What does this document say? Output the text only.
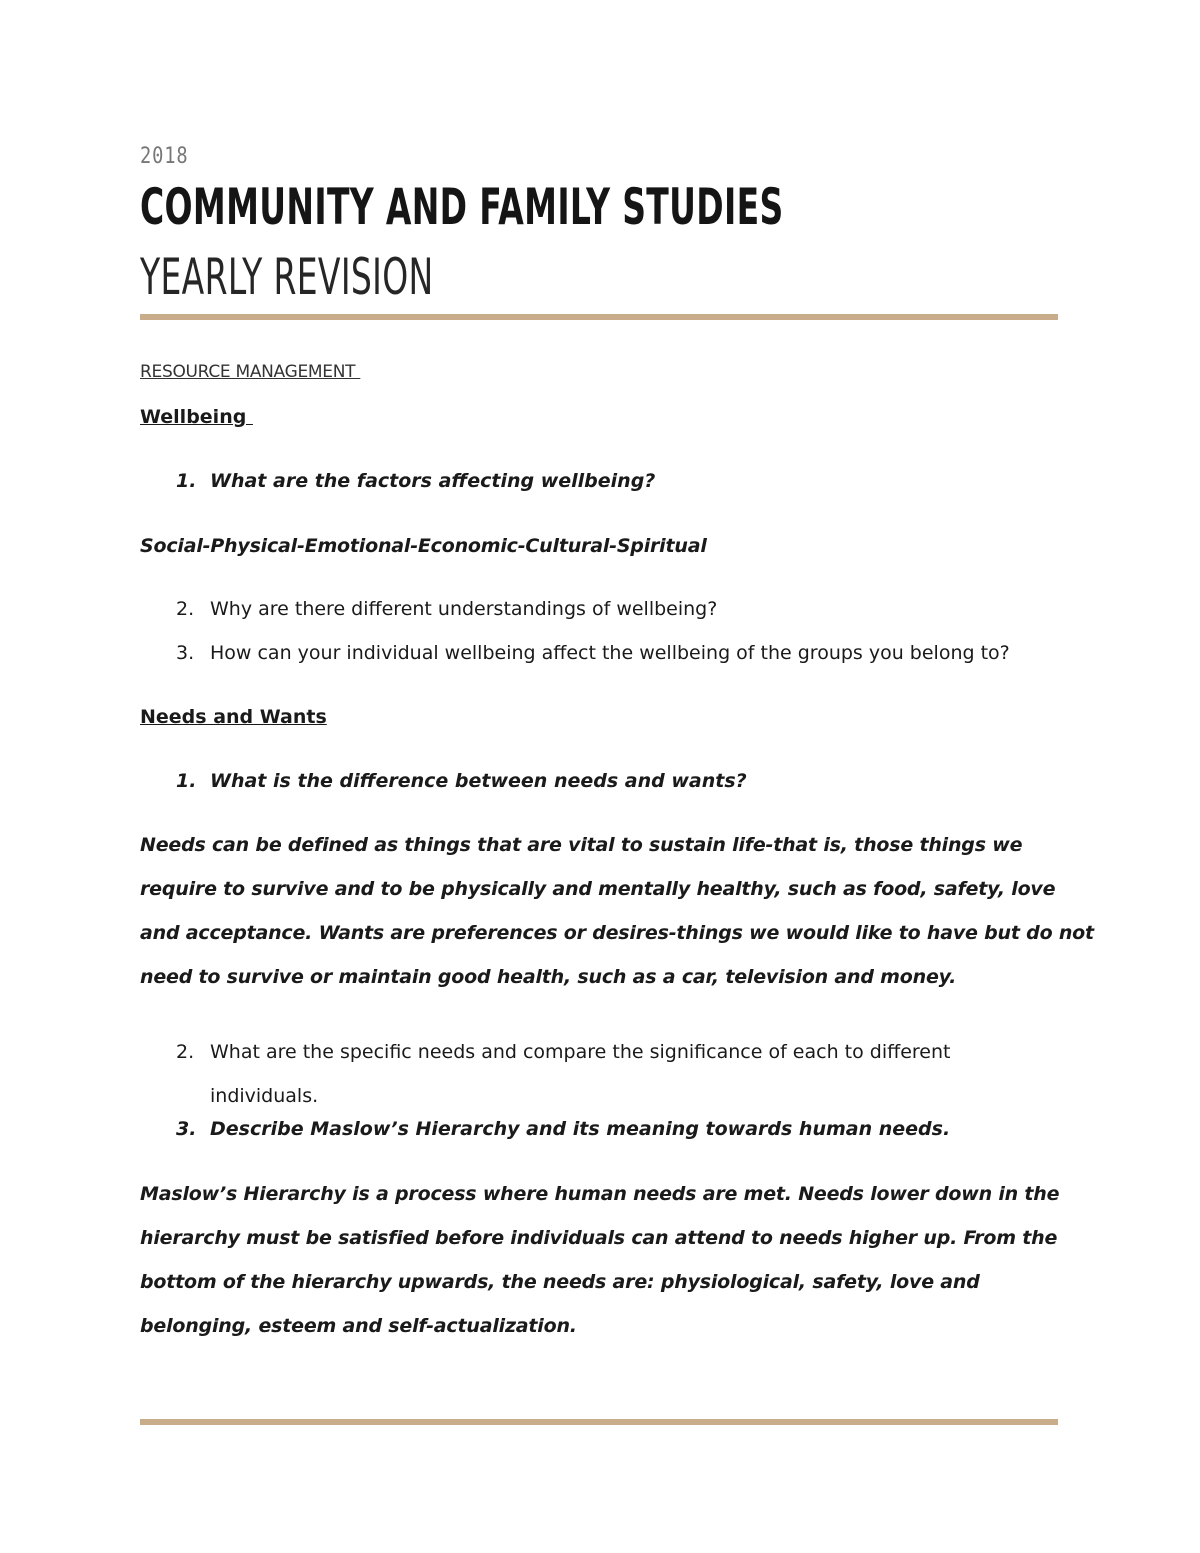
2018
COMMUNITY AND FAMILY STUDIES
YEARLY REVISION
RESOURCE MANAGEMENT
Wellbeing
1. What are the factors affecting wellbeing?
Social-Physical-Emotional-Economic-Cultural-Spiritual
2. Why are there different understandings of wellbeing?
3. How can your individual wellbeing affect the wellbeing of the groups you belong to?
Needs and Wants
1. What is the difference between needs and wants?
Needs can be defined as things that are vital to sustain life-that is, those things we
require to survive and to be physically and mentally healthy, such as food, safety, love
and acceptance. Wants are preferences or desires-things we would like to have but do not
need to survive or maintain good health, such as a car, television and money.
2. What are the specific needs and compare the significance of each to different
individuals.
3. Describe Maslow’s Hierarchy and its meaning towards human needs.
Maslow’s Hierarchy is a process where human needs are met. Needs lower down in the
hierarchy must be satisfied before individuals can attend to needs higher up. From the
bottom of the hierarchy upwards, the needs are: physiological, safety, love and
belonging, esteem and self-actualization.
